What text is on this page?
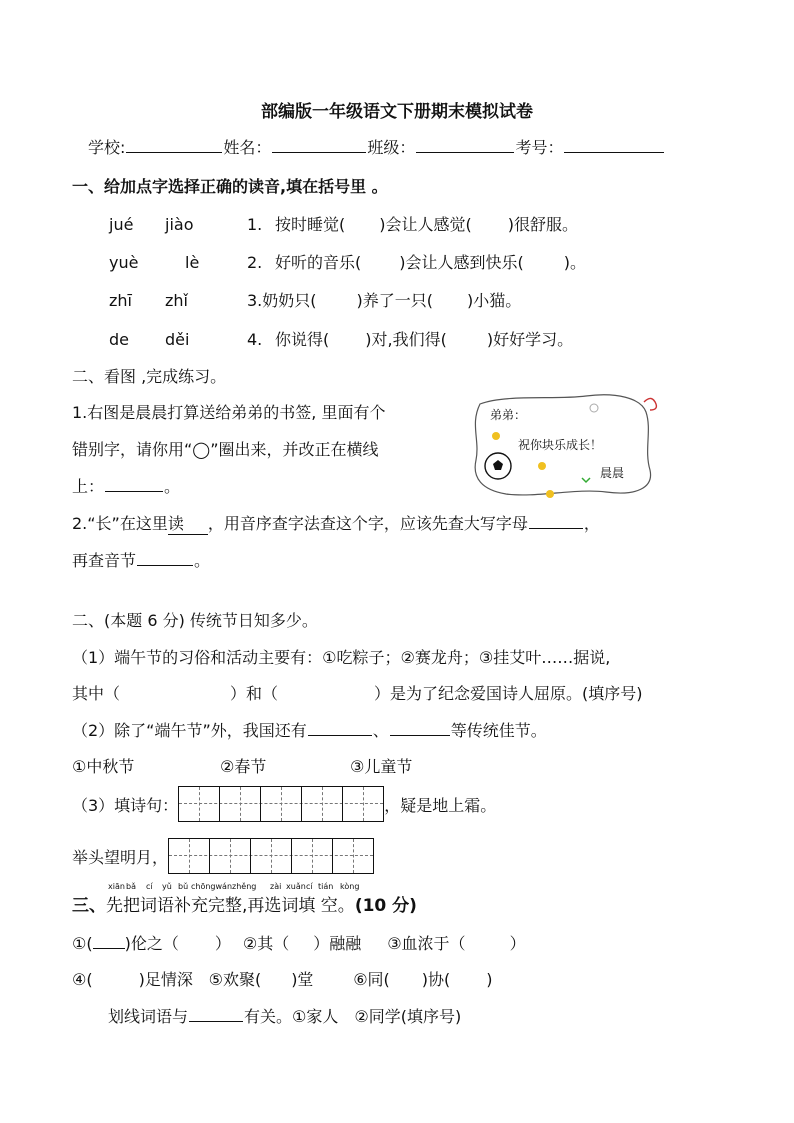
部编版一年级语文下册期末模拟试卷
学校:	姓名：	班级：	考号：
一、给加点字选择正确的读音,填在括号里 。
jué jiào	1. 按时睡觉( )会让人感觉( )很舒服。
yuè	lè	2. 好听的音乐( )会让人感到快乐(	)。
zhī zhǐ	3.奶奶只(	)养了一只( )小猫。
de děi	4. 你说得( )对,我们得(	)好好学习。
二、看图 ,完成练习。
1.右图是晨晨打算送给弟弟的书签, 里面有个
错别字，请你用“◯”圈出来，并改正在横线
上：	。
弟弟：
祝你块乐成长！
晨晨
2.“长”在这里读 ，用音序查字法查这个字，应该先查大写字母	，
再查音节	。
二、(本题 6 分) 传统节日知多少。
（1）端午节的习俗和活动主要有：①吃粽子；②赛龙舟；③挂艾叶……据说,
其中（	）和（	）是为了纪念爱国诗人屈原。(填序号)
（2）除了“端午节”外，我国还有	、	等传统佳节。
①中秋节	②春节	③儿童节
（3）填诗句：	，疑是地上霜。
举头望明月，
xiānbǎ cí yǔ bǔ chōngwánzhěng zài xuǎncí tián kòng
三、先把词语补充完整,再选词填 空。(10 分)
①( )伦之（ ） ②其（ ）融融 ③血浓于（	）
④(	)足情深 ⑤欢聚( )堂 ⑥同( )协( )
划线词语与	有关。①家人　②同学(填序号)
